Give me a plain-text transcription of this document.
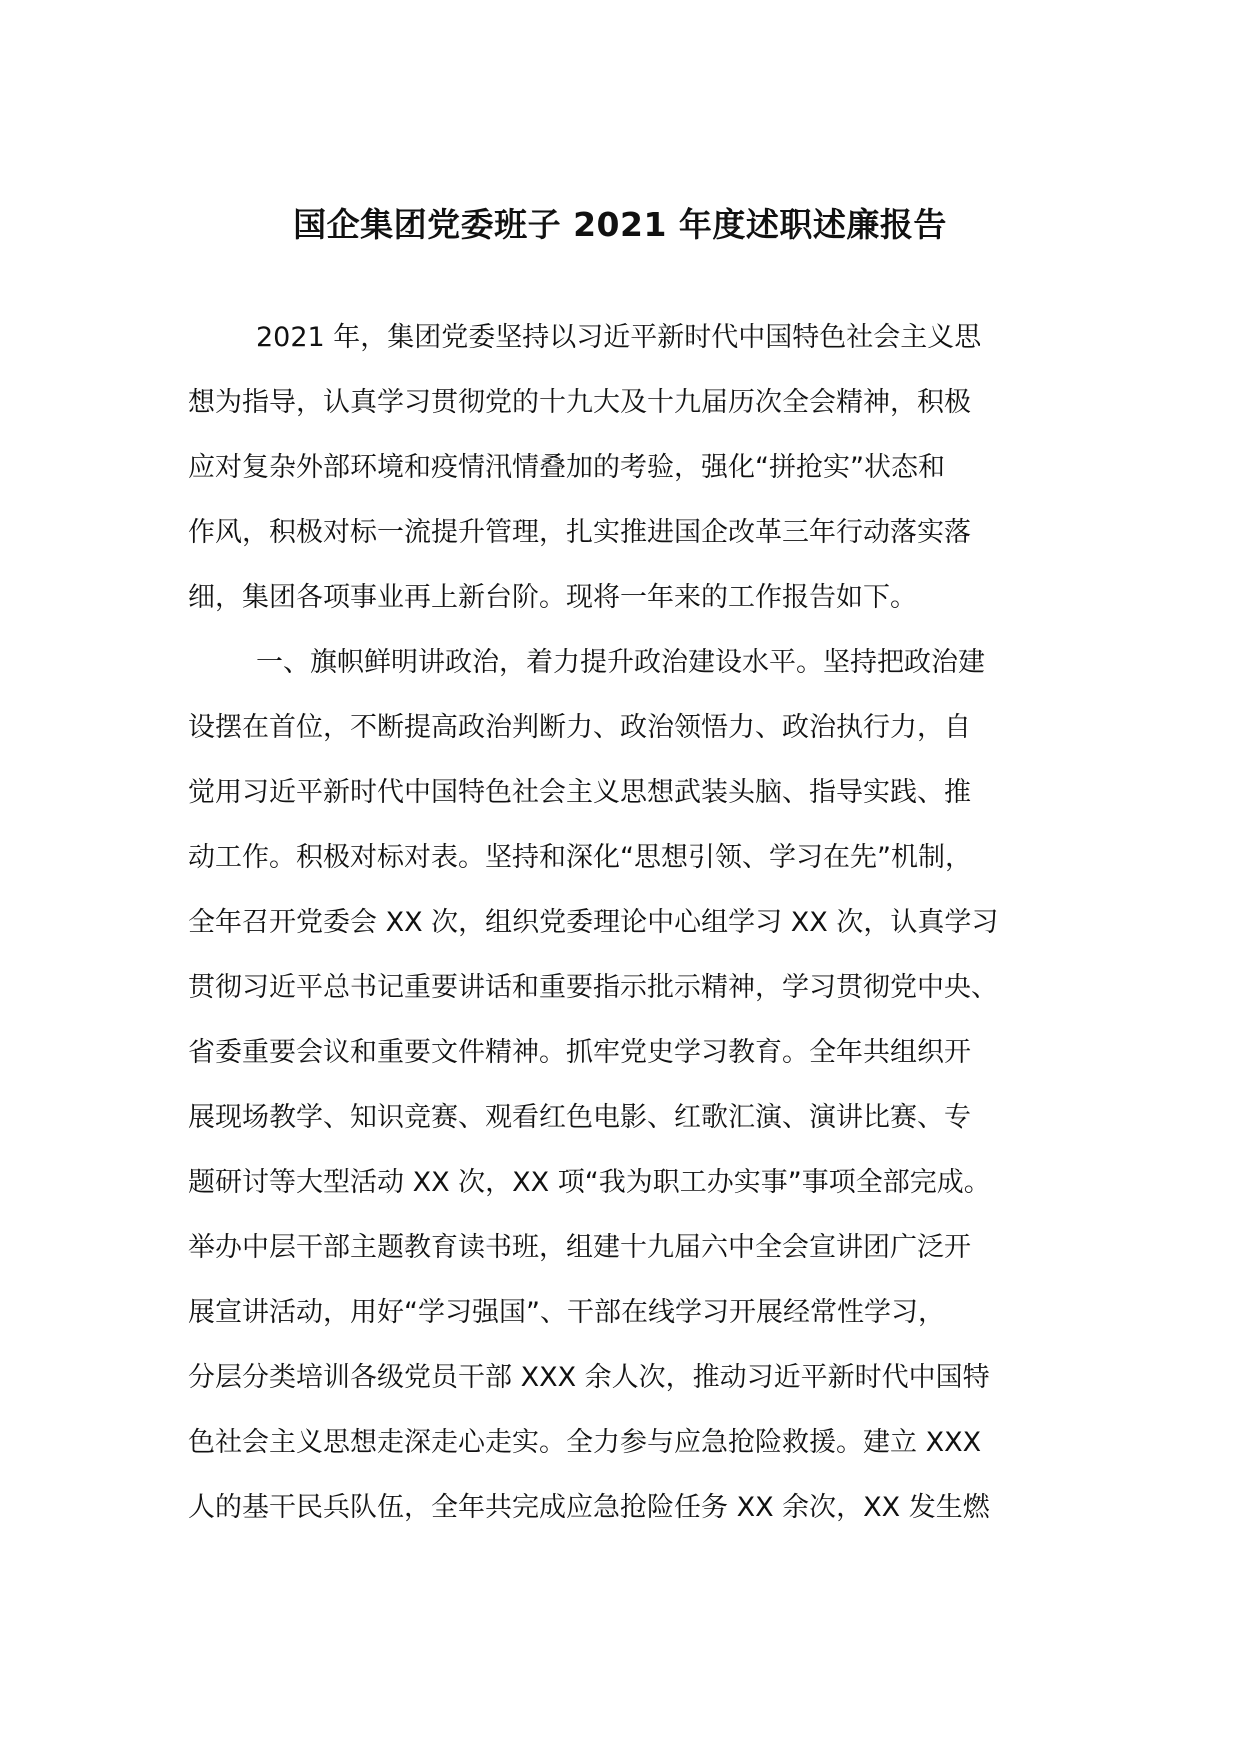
国企集团党委班子 2021 年度述职述廉报告
2021 年，集团党委坚持以习近平新时代中国特色社会主义思
想为指导，认真学习贯彻党的十九大及十九届历次全会精神，积极
应对复杂外部环境和疫情汛情叠加的考验，强化“拼抢实”状态和
作风，积极对标一流提升管理，扎实推进国企改革三年行动落实落
细，集团各项事业再上新台阶。现将一年来的工作报告如下。
一、旗帜鲜明讲政治，着力提升政治建设水平。坚持把政治建
设摆在首位，不断提高政治判断力、政治领悟力、政治执行力，自
觉用习近平新时代中国特色社会主义思想武装头脑、指导实践、推
动工作。积极对标对表。坚持和深化“思想引领、学习在先”机制，
全年召开党委会 XX 次，组织党委理论中心组学习 XX 次，认真学习
贯彻习近平总书记重要讲话和重要指示批示精神，学习贯彻党中央、
省委重要会议和重要文件精神。抓牢党史学习教育。全年共组织开
展现场教学、知识竞赛、观看红色电影、红歌汇演、演讲比赛、专
题研讨等大型活动 XX 次，XX 项“我为职工办实事”事项全部完成。
举办中层干部主题教育读书班，组建十九届六中全会宣讲团广泛开
展宣讲活动，用好“学习强国”、干部在线学习开展经常性学习，
分层分类培训各级党员干部 XXX 余人次，推动习近平新时代中国特
色社会主义思想走深走心走实。全力参与应急抢险救援。建立 XXX
人的基干民兵队伍，全年共完成应急抢险任务 XX 余次，XX 发生燃
